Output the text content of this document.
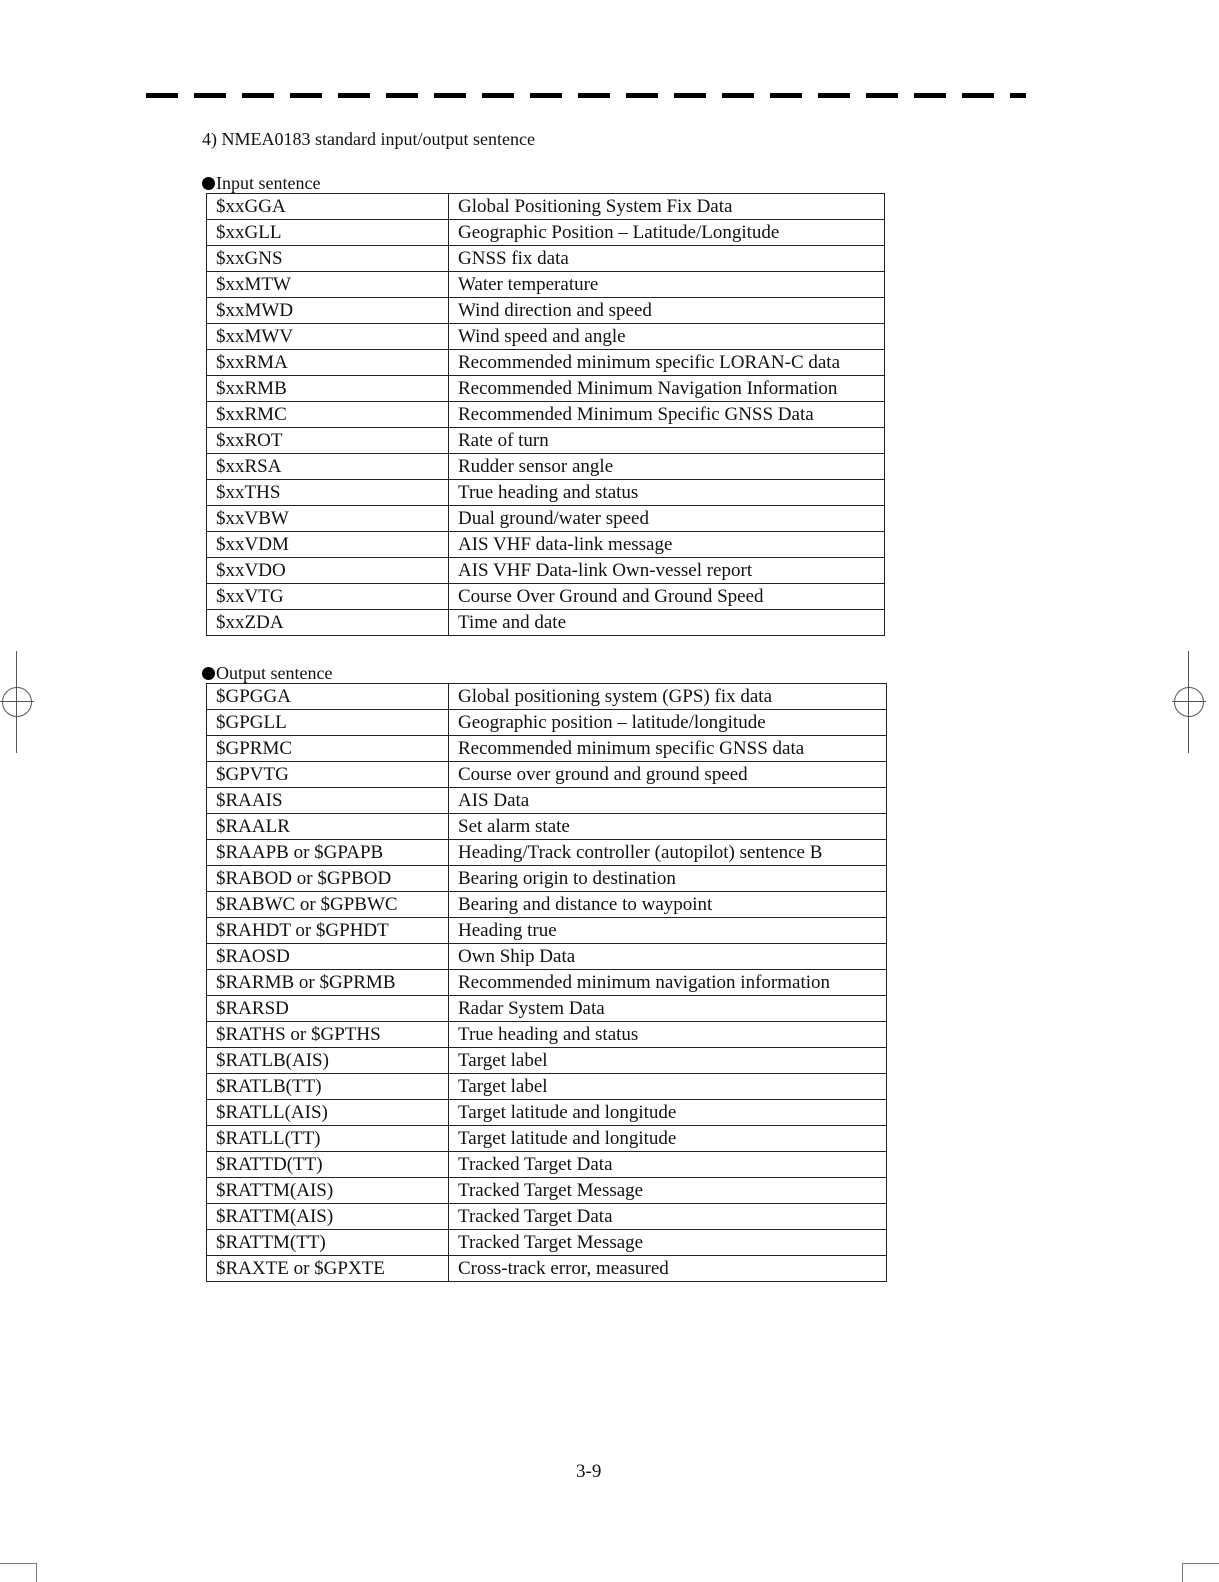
4) NMEA0183 standard input/output sentence
Input sentence
$xxGGA	Global Positioning System Fix Data
$xxGLL	Geographic Position – Latitude/Longitude
$xxGNS	GNSS fix data
$xxMTW	Water temperature
$xxMWD	Wind direction and speed
$xxMWV	Wind speed and angle
$xxRMA	Recommended minimum specific LORAN-C data
$xxRMB	Recommended Minimum Navigation Information
$xxRMC	Recommended Minimum Specific GNSS Data
$xxROT	Rate of turn
$xxRSA	Rudder sensor angle
$xxTHS	True heading and status
$xxVBW	Dual ground/water speed
$xxVDM	AIS VHF data-link message
$xxVDO	AIS VHF Data-link Own-vessel report
$xxVTG	Course Over Ground and Ground Speed
$xxZDA	Time and date
Output sentence
$GPGGA	Global positioning system (GPS) fix data
$GPGLL	Geographic position – latitude/longitude
$GPRMC	Recommended minimum specific GNSS data
$GPVTG	Course over ground and ground speed
$RAAIS	AIS Data
$RAALR	Set alarm state
$RAAPB or $GPAPB	Heading/Track controller (autopilot) sentence B
$RABOD or $GPBOD	Bearing origin to destination
$RABWC or $GPBWC	Bearing and distance to waypoint
$RAHDT or $GPHDT	Heading true
$RAOSD	Own Ship Data
$RARMB or $GPRMB	Recommended minimum navigation information
$RARSD	Radar System Data
$RATHS or $GPTHS	True heading and status
$RATLB(AIS)	Target label
$RATLB(TT)	Target label
$RATLL(AIS)	Target latitude and longitude
$RATLL(TT)	Target latitude and longitude
$RATTD(TT)	Tracked Target Data
$RATTM(AIS)	Tracked Target Message
$RATTM(AIS)	Tracked Target Data
$RATTM(TT)	Tracked Target Message
$RAXTE or $GPXTE	Cross-track error, measured
3-9
